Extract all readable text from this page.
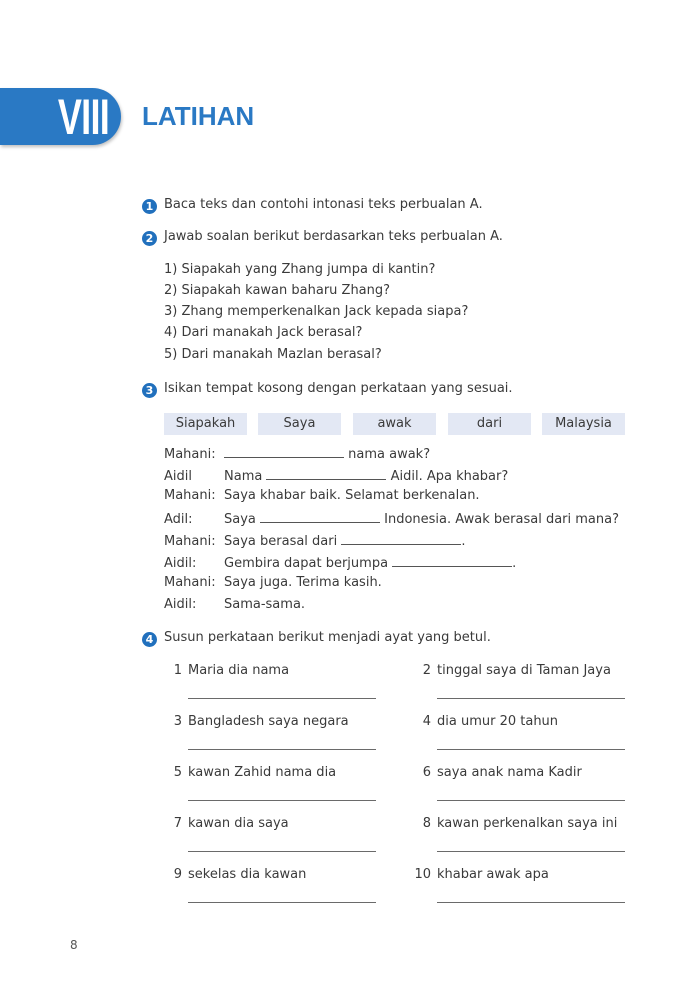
VIII LATIHAN
1 Baca teks dan contohi intonasi teks perbualan A.
2 Jawab soalan berikut berdasarkan teks perbualan A.
1) Siapakah yang Zhang jumpa di kantin?
2) Siapakah kawan baharu Zhang?
3) Zhang memperkenalkan Jack kepada siapa?
4) Dari manakah Jack berasal?
5) Dari manakah Mazlan berasal?
3 Isikan tempat kosong dengan perkataan yang sesuai.
Siapakah	Saya	awak	dari	Malaysia
Mahani:	nama awak?
Aidil Nama	Aidil. Apa khabar?
Mahani: Saya khabar baik. Selamat berkenalan.
Adil: Saya	Indonesia. Awak berasal dari mana?
Mahani: Saya berasal dari	.
Aidil: Gembira dapat berjumpa	.
Mahani: Saya juga. Terima kasih.
Aidil: Sama-sama.
4 Susun perkataan berikut menjadi ayat yang betul.
1 Maria dia nama	2 tinggal saya di Taman Jaya
3 Bangladesh saya negara	4 dia umur 20 tahun
5 kawan Zahid nama dia	6 saya anak nama Kadir
7 kawan dia saya	8 kawan perkenalkan saya ini
9 sekelas dia kawan	10 khabar awak apa
8
